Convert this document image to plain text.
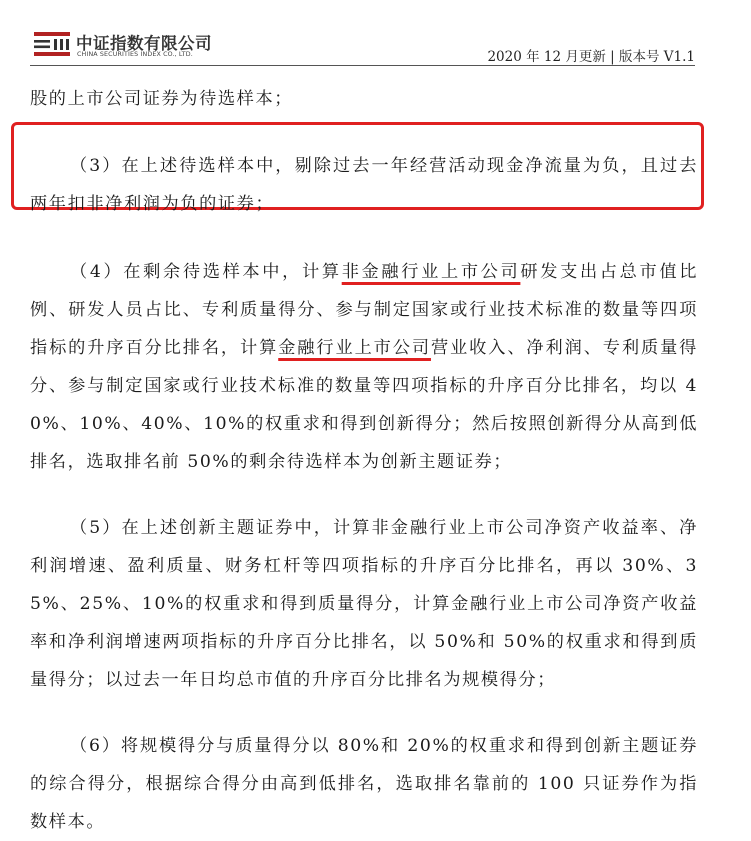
中证指数有限公司
CHINA SECURITIES INDEX CO., LTD.	2020 年 12 月更新 | 版本号 V1.1

股的上市公司证券为待选样本；

（3）在上述待选样本中，剔除过去一年经营活动现金净流量为负，且过去两年扣非净利润为负的证券；

（4）在剩余待选样本中，计算非金融行业上市公司研发支出占总市值比例、研发人员占比、专利质量得分、参与制定国家或行业技术标准的数量等四项指标的升序百分比排名，计算金融行业上市公司营业收入、净利润、专利质量得分、参与制定国家或行业技术标准的数量等四项指标的升序百分比排名，均以 40%、10%、40%、10%的权重求和得到创新得分；然后按照创新得分从高到低排名，选取排名前 50%的剩余待选样本为创新主题证券；

（5）在上述创新主题证券中，计算非金融行业上市公司净资产收益率、净利润增速、盈利质量、财务杠杆等四项指标的升序百分比排名，再以 30%、35%、25%、10%的权重求和得到质量得分，计算金融行业上市公司净资产收益率和净利润增速两项指标的升序百分比排名，以 50%和 50%的权重求和得到质量得分；以过去一年日均总市值的升序百分比排名为规模得分；

（6）将规模得分与质量得分以 80%和 20%的权重求和得到创新主题证券的综合得分，根据综合得分由高到低排名，选取排名靠前的 100 只证券作为指数样本。
